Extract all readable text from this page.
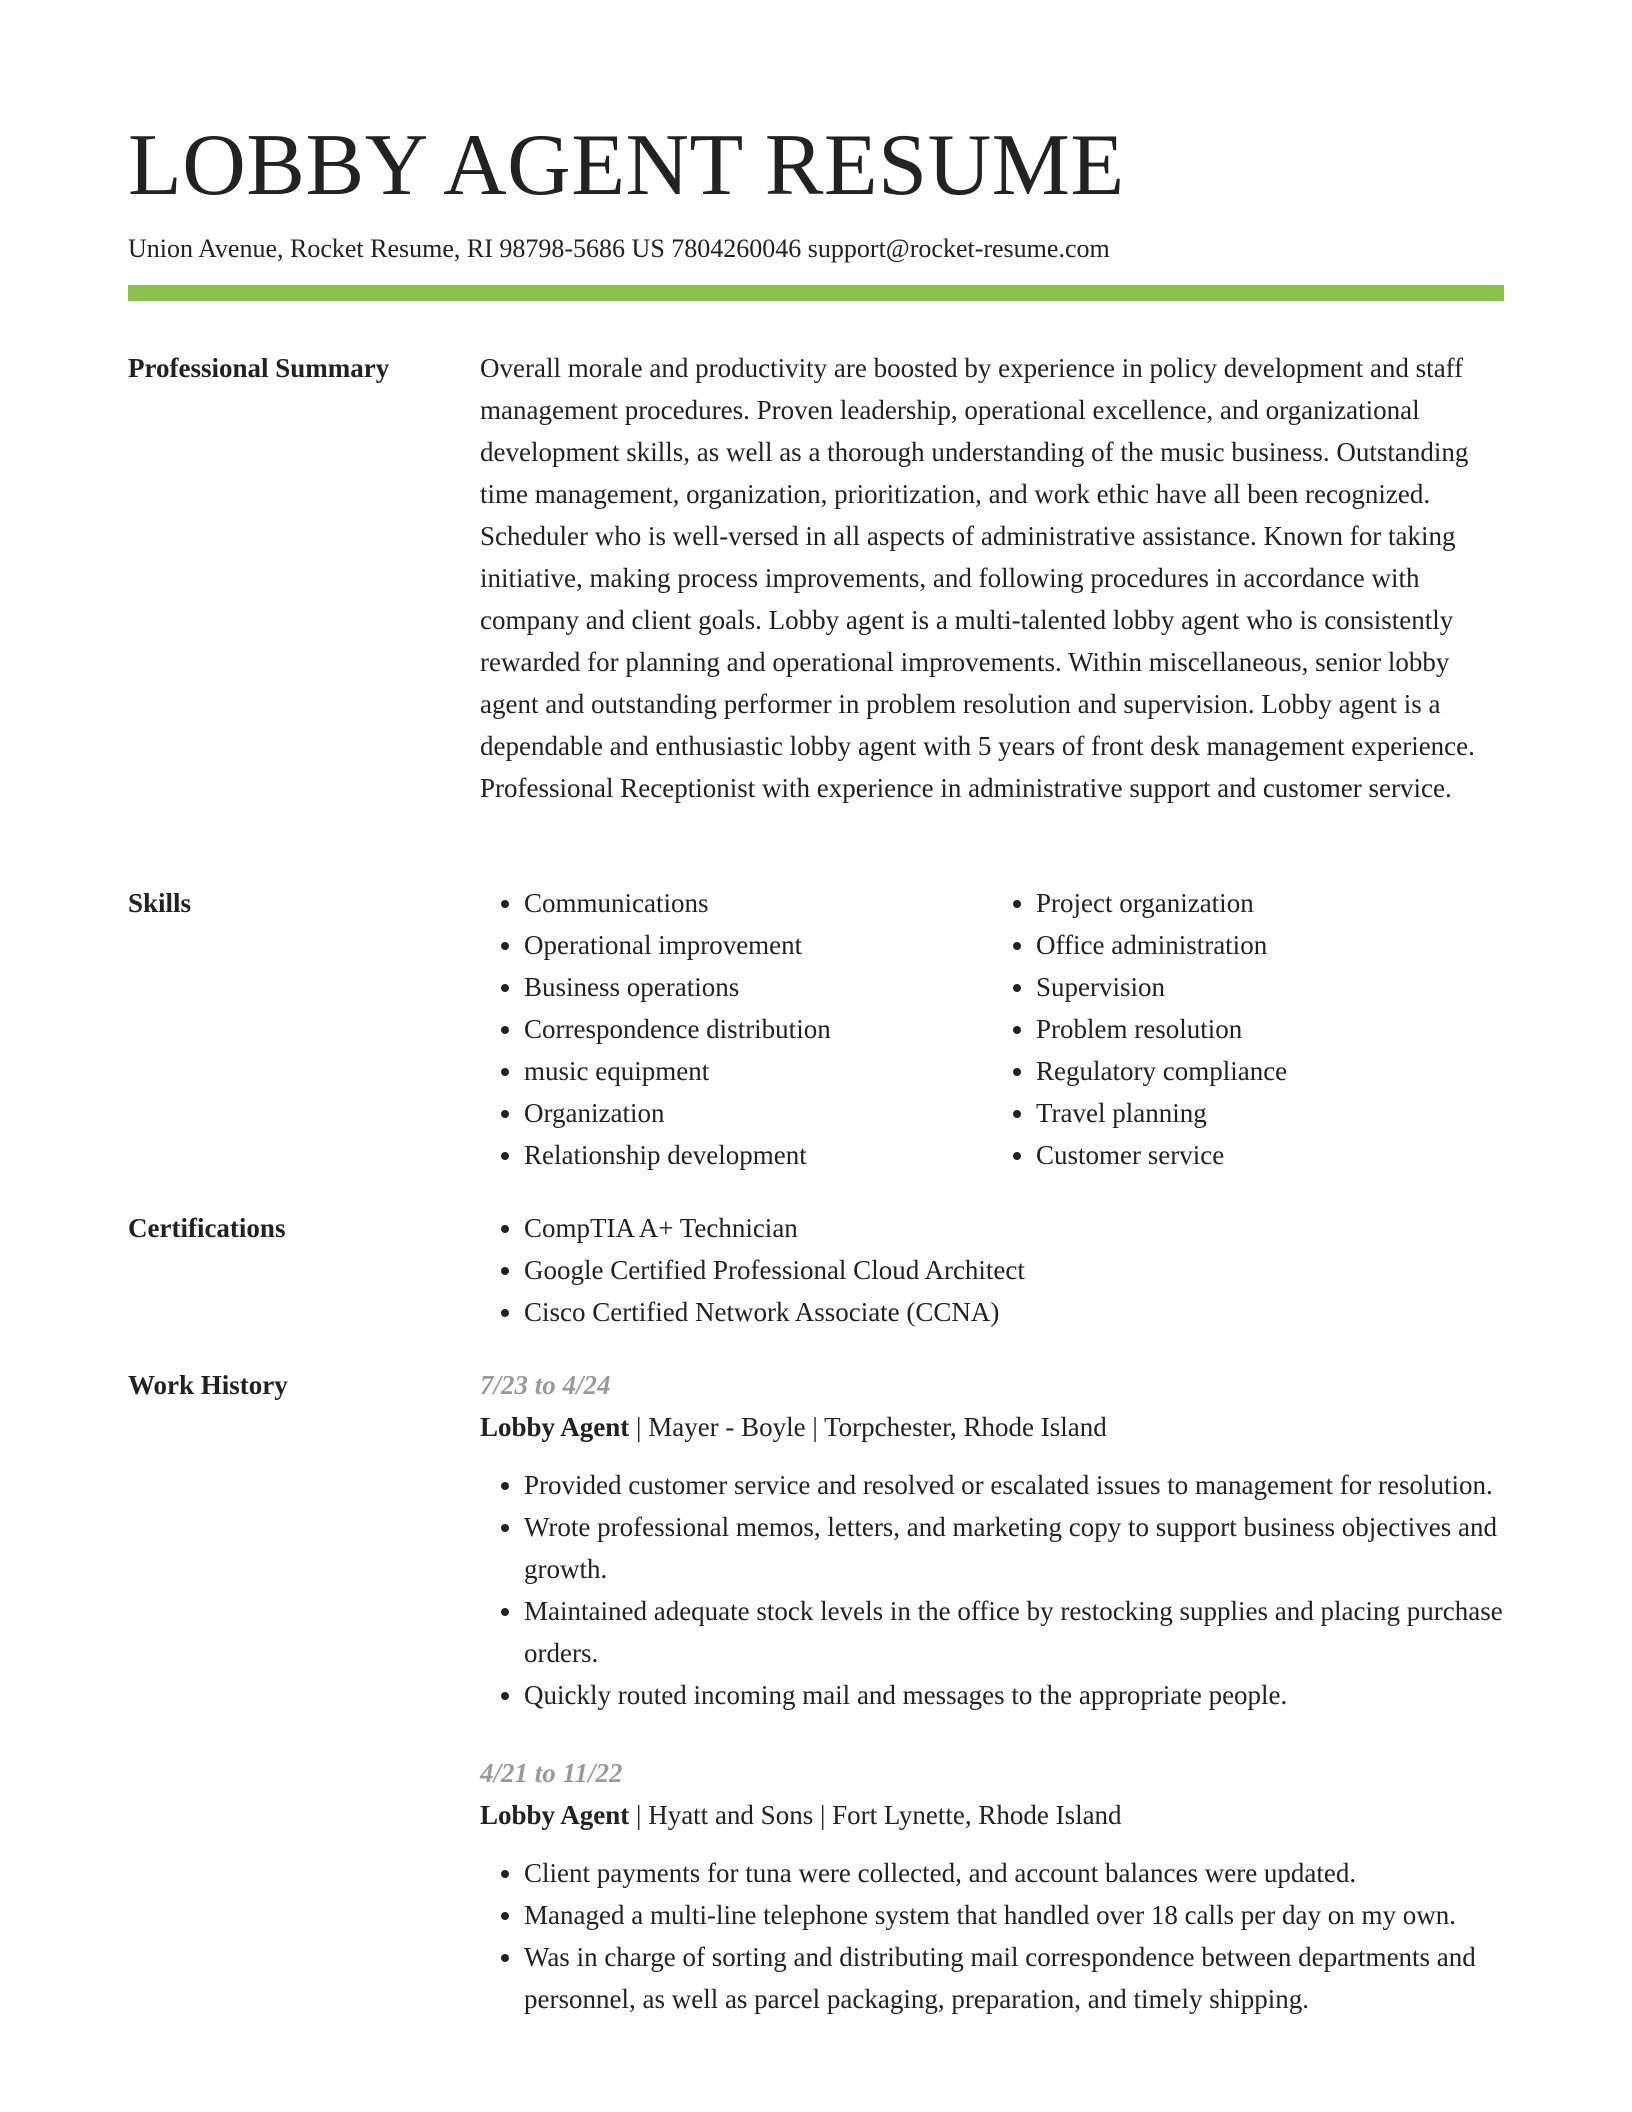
LOBBY AGENT RESUME
Union Avenue, Rocket Resume, RI 98798-5686 US 7804260046 support@rocket-resume.com
Professional Summary	Overall morale and productivity are boosted by experience in policy development and staff management procedures. Proven leadership, operational excellence, and organizational development skills, as well as a thorough understanding of the music business. Outstanding time management, organization, prioritization, and work ethic have all been recognized. Scheduler who is well-versed in all aspects of administrative assistance. Known for taking initiative, making process improvements, and following procedures in accordance with company and client goals. Lobby agent is a multi-talented lobby agent who is consistently rewarded for planning and operational improvements. Within miscellaneous, senior lobby agent and outstanding performer in problem resolution and supervision. Lobby agent is a dependable and enthusiastic lobby agent with 5 years of front desk management experience. Professional Receptionist with experience in administrative support and customer service.

Skills	• Communications
• Operational improvement
• Business operations
• Correspondence distribution
• music equipment
• Organization
• Relationship development
• Project organization
• Office administration
• Supervision
• Problem resolution
• Regulatory compliance
• Travel planning
• Customer service
Certifications	• CompTIA A+ Technician
• Google Certified Professional Cloud Architect
• Cisco Certified Network Associate (CCNA)
Work History	7/23 to 4/24
Lobby Agent | Mayer - Boyle | Torpchester, Rhode Island
• Provided customer service and resolved or escalated issues to management for resolution.
• Wrote professional memos, letters, and marketing copy to support business objectives and growth.
• Maintained adequate stock levels in the office by restocking supplies and placing purchase orders.
• Quickly routed incoming mail and messages to the appropriate people.
4/21 to 11/22
Lobby Agent | Hyatt and Sons | Fort Lynette, Rhode Island
• Client payments for tuna were collected, and account balances were updated.
• Managed a multi-line telephone system that handled over 18 calls per day on my own.
• Was in charge of sorting and distributing mail correspondence between departments and personnel, as well as parcel packaging, preparation, and timely shipping.
